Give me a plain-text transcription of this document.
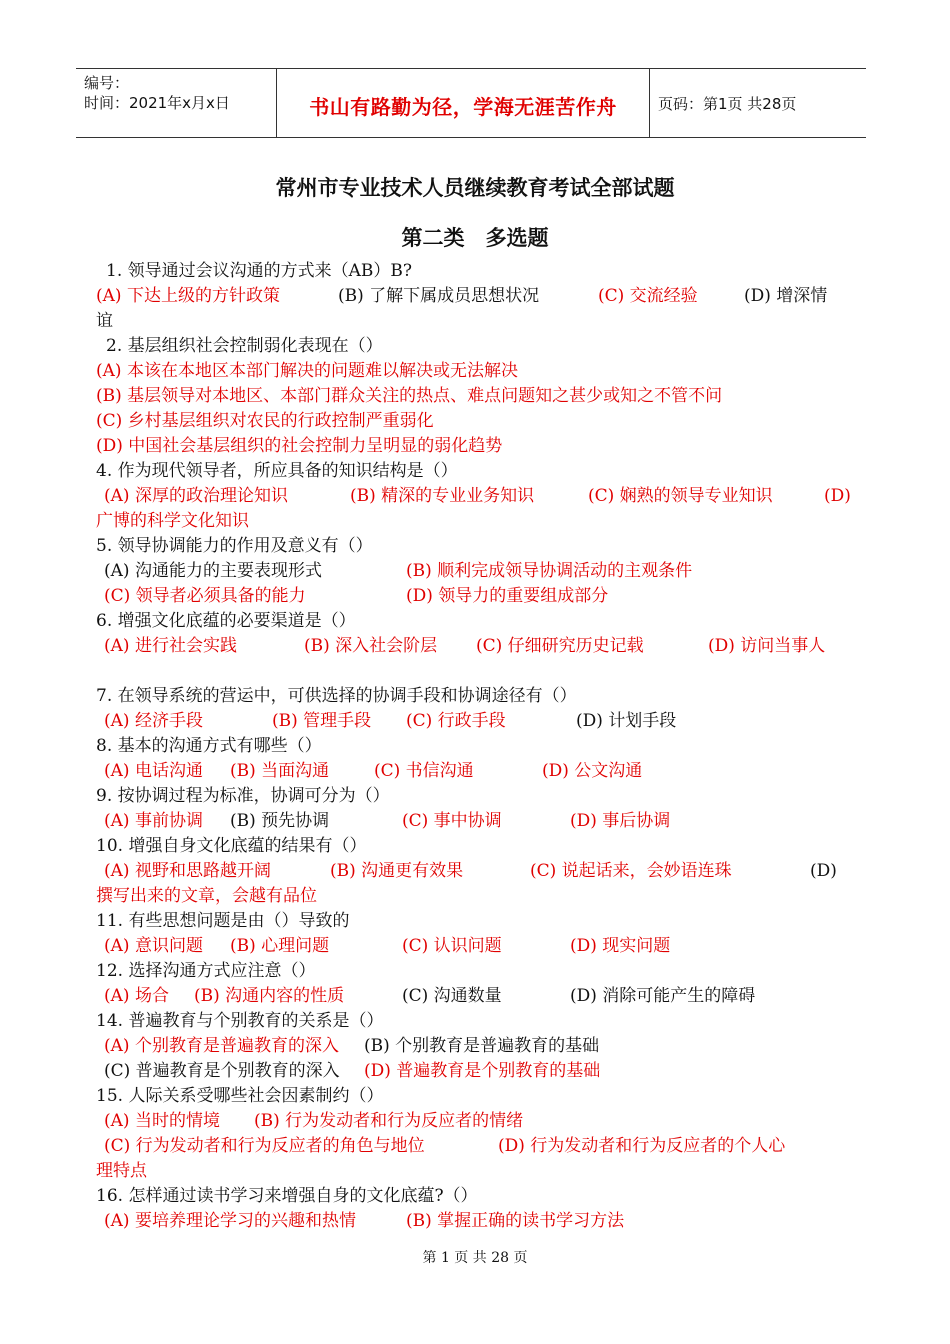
编号：
时间：2021年x月x日	书山有路勤为径，学海无涯苦作舟	页码：第1页 共28页
常州市专业技术人员继续教育考试全部试题
第二类　多选题
1. 领导通过会议沟通的方式来（AB）B?
(A) 下达上级的方针政策	(B) 了解下属成员思想状况	(C) 交流经验	(D) 增深情
谊
2. 基层组织社会控制弱化表现在（）
(A) 本该在本地区本部门解决的问题难以解决或无法解决
(B) 基层领导对本地区、本部门群众关注的热点、难点问题知之甚少或知之不管不问
(C) 乡村基层组织对农民的行政控制严重弱化
(D) 中国社会基层组织的社会控制力呈明显的弱化趋势
4. 作为现代领导者，所应具备的知识结构是（）
(A) 深厚的政治理论知识	(B) 精深的专业业务知识	(C) 娴熟的领导专业知识	(D)
广博的科学文化知识
5. 领导协调能力的作用及意义有（）
(A) 沟通能力的主要表现形式	(B) 顺利完成领导协调活动的主观条件
(C) 领导者必须具备的能力	(D) 领导力的重要组成部分
6. 增强文化底蕴的必要渠道是（）
(A) 进行社会实践	(B) 深入社会阶层 (C) 仔细研究历史记载	(D) 访问当事人
7. 在领导系统的营运中，可供选择的协调手段和协调途径有（）
(A) 经济手段	(B) 管理手段 (C) 行政手段	(D) 计划手段
8. 基本的沟通方式有哪些（）
(A) 电话沟通 (B) 当面沟通	(C) 书信沟通	(D) 公文沟通
9. 按协调过程为标准，协调可分为（）
(A) 事前协调 (B) 预先协调	(C) 事中协调	(D) 事后协调
10. 增强自身文化底蕴的结果有（）
(A) 视野和思路越开阔	(B) 沟通更有效果	(C) 说起话来，会妙语连珠	(D)
撰写出来的文章，会越有品位
11. 有些思想问题是由（）导致的
(A) 意识问题 (B) 心理问题	(C) 认识问题	(D) 现实问题
12. 选择沟通方式应注意（）
(A) 场合 (B) 沟通内容的性质	(C) 沟通数量	(D) 消除可能产生的障碍
14. 普遍教育与个别教育的关系是（）
(A) 个别教育是普遍教育的深入 (B) 个别教育是普遍教育的基础
(C) 普遍教育是个别教育的深入 (D) 普遍教育是个别教育的基础
15. 人际关系受哪些社会因素制约（）
(A) 当时的情境 (B) 行为发动者和行为反应者的情绪
(C) 行为发动者和行为反应者的角色与地位	(D) 行为发动者和行为反应者的个人心
理特点
16. 怎样通过读书学习来增强自身的文化底蕴?（）
(A) 要培养理论学习的兴趣和热情	(B) 掌握正确的读书学习方法
第 1 页 共 28 页
